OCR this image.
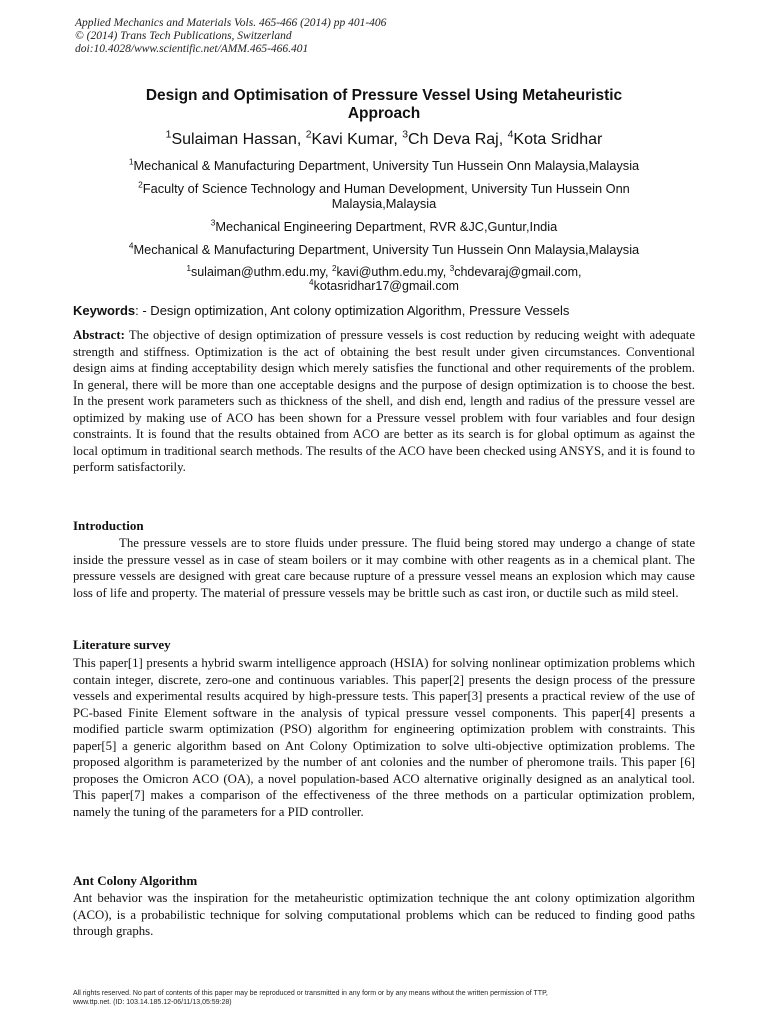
Applied Mechanics and Materials Vols. 465-466 (2014) pp 401-406
© (2014) Trans Tech Publications, Switzerland
doi:10.4028/www.scientific.net/AMM.465-466.401
Design and Optimisation of Pressure Vessel Using Metaheuristic
Approach
$^1$Sulaiman Hassan, $^2$Kavi Kumar, $^3$Ch Deva Raj, $^4$Kota Sridhar
$^1$Mechanical & Manufacturing Department, University Tun Hussein Onn Malaysia,Malaysia
$^2$Faculty of Science Technology and Human Development, University Tun Hussein Onn
Malaysia,Malaysia
$^3$Mechanical Engineering Department, RVR &JC,Guntur,India
$^4$Mechanical & Manufacturing Department, University Tun Hussein Onn Malaysia,Malaysia
$^1$sulaiman@uthm.edu.my, $^2$kavi@uthm.edu.my, $^3$chdevaraj@gmail.com,
$^4$kotasridhar17@gmail.com
Keywords: - Design optimization, Ant colony optimization Algorithm, Pressure Vessels
Abstract: The objective of design optimization of pressure vessels is cost reduction by reducing weight with adequate strength and stiffness. Optimization is the act of obtaining the best result under given circumstances. Conventional design aims at finding acceptability design which merely satisfies the functional and other requirements of the problem. In general, there will be more than one acceptable designs and the purpose of design optimization is to choose the best. In the present work parameters such as thickness of the shell, and dish end, length and radius of the pressure vessel are optimized by making use of ACO has been shown for a Pressure vessel problem with four variables and four design constraints. It is found that the results obtained from ACO are better as its search is for global optimum as against the local optimum in traditional search methods. The results of the ACO have been checked using ANSYS, and it is found to perform satisfactorily.
Introduction
The pressure vessels are to store fluids under pressure. The fluid being stored may undergo a change of state inside the pressure vessel as in case of steam boilers or it may combine with other reagents as in a chemical plant. The pressure vessels are designed with great care because rupture of a pressure vessel means an explosion which may cause loss of life and property. The material of pressure vessels may be brittle such as cast iron, or ductile such as mild steel.
Literature survey
This paper[1] presents a hybrid swarm intelligence approach (HSIA) for solving nonlinear optimization problems which contain integer, discrete, zero-one and continuous variables. This paper[2] presents the design process of the pressure vessels and experimental results acquired by high-pressure tests. This paper[3] presents a practical review of the use of PC-based Finite Element software in the analysis of typical pressure vessel components. This paper[4] presents a modified particle swarm optimization (PSO) algorithm for engineering optimization problem with constraints. This paper[5] a generic algorithm based on Ant Colony Optimization to solve ulti-objective optimization problems. The proposed algorithm is parameterized by the number of ant colonies and the number of pheromone trails. This paper [6] proposes the Omicron ACO (OA), a novel population-based ACO alternative originally designed as an analytical tool. This paper[7] makes a comparison of the effectiveness of the three methods on a particular optimization problem, namely the tuning of the parameters for a PID controller.
Ant Colony Algorithm
Ant behavior was the inspiration for the metaheuristic optimization technique the ant colony optimization algorithm (ACO), is a probabilistic technique for solving computational problems which can be reduced to finding good paths through graphs.
All rights reserved. No part of contents of this paper may be reproduced or transmitted in any form or by any means without the written permission of TTP,
www.ttp.net. (ID: 103.14.185.12-06/11/13,05:59:28)
